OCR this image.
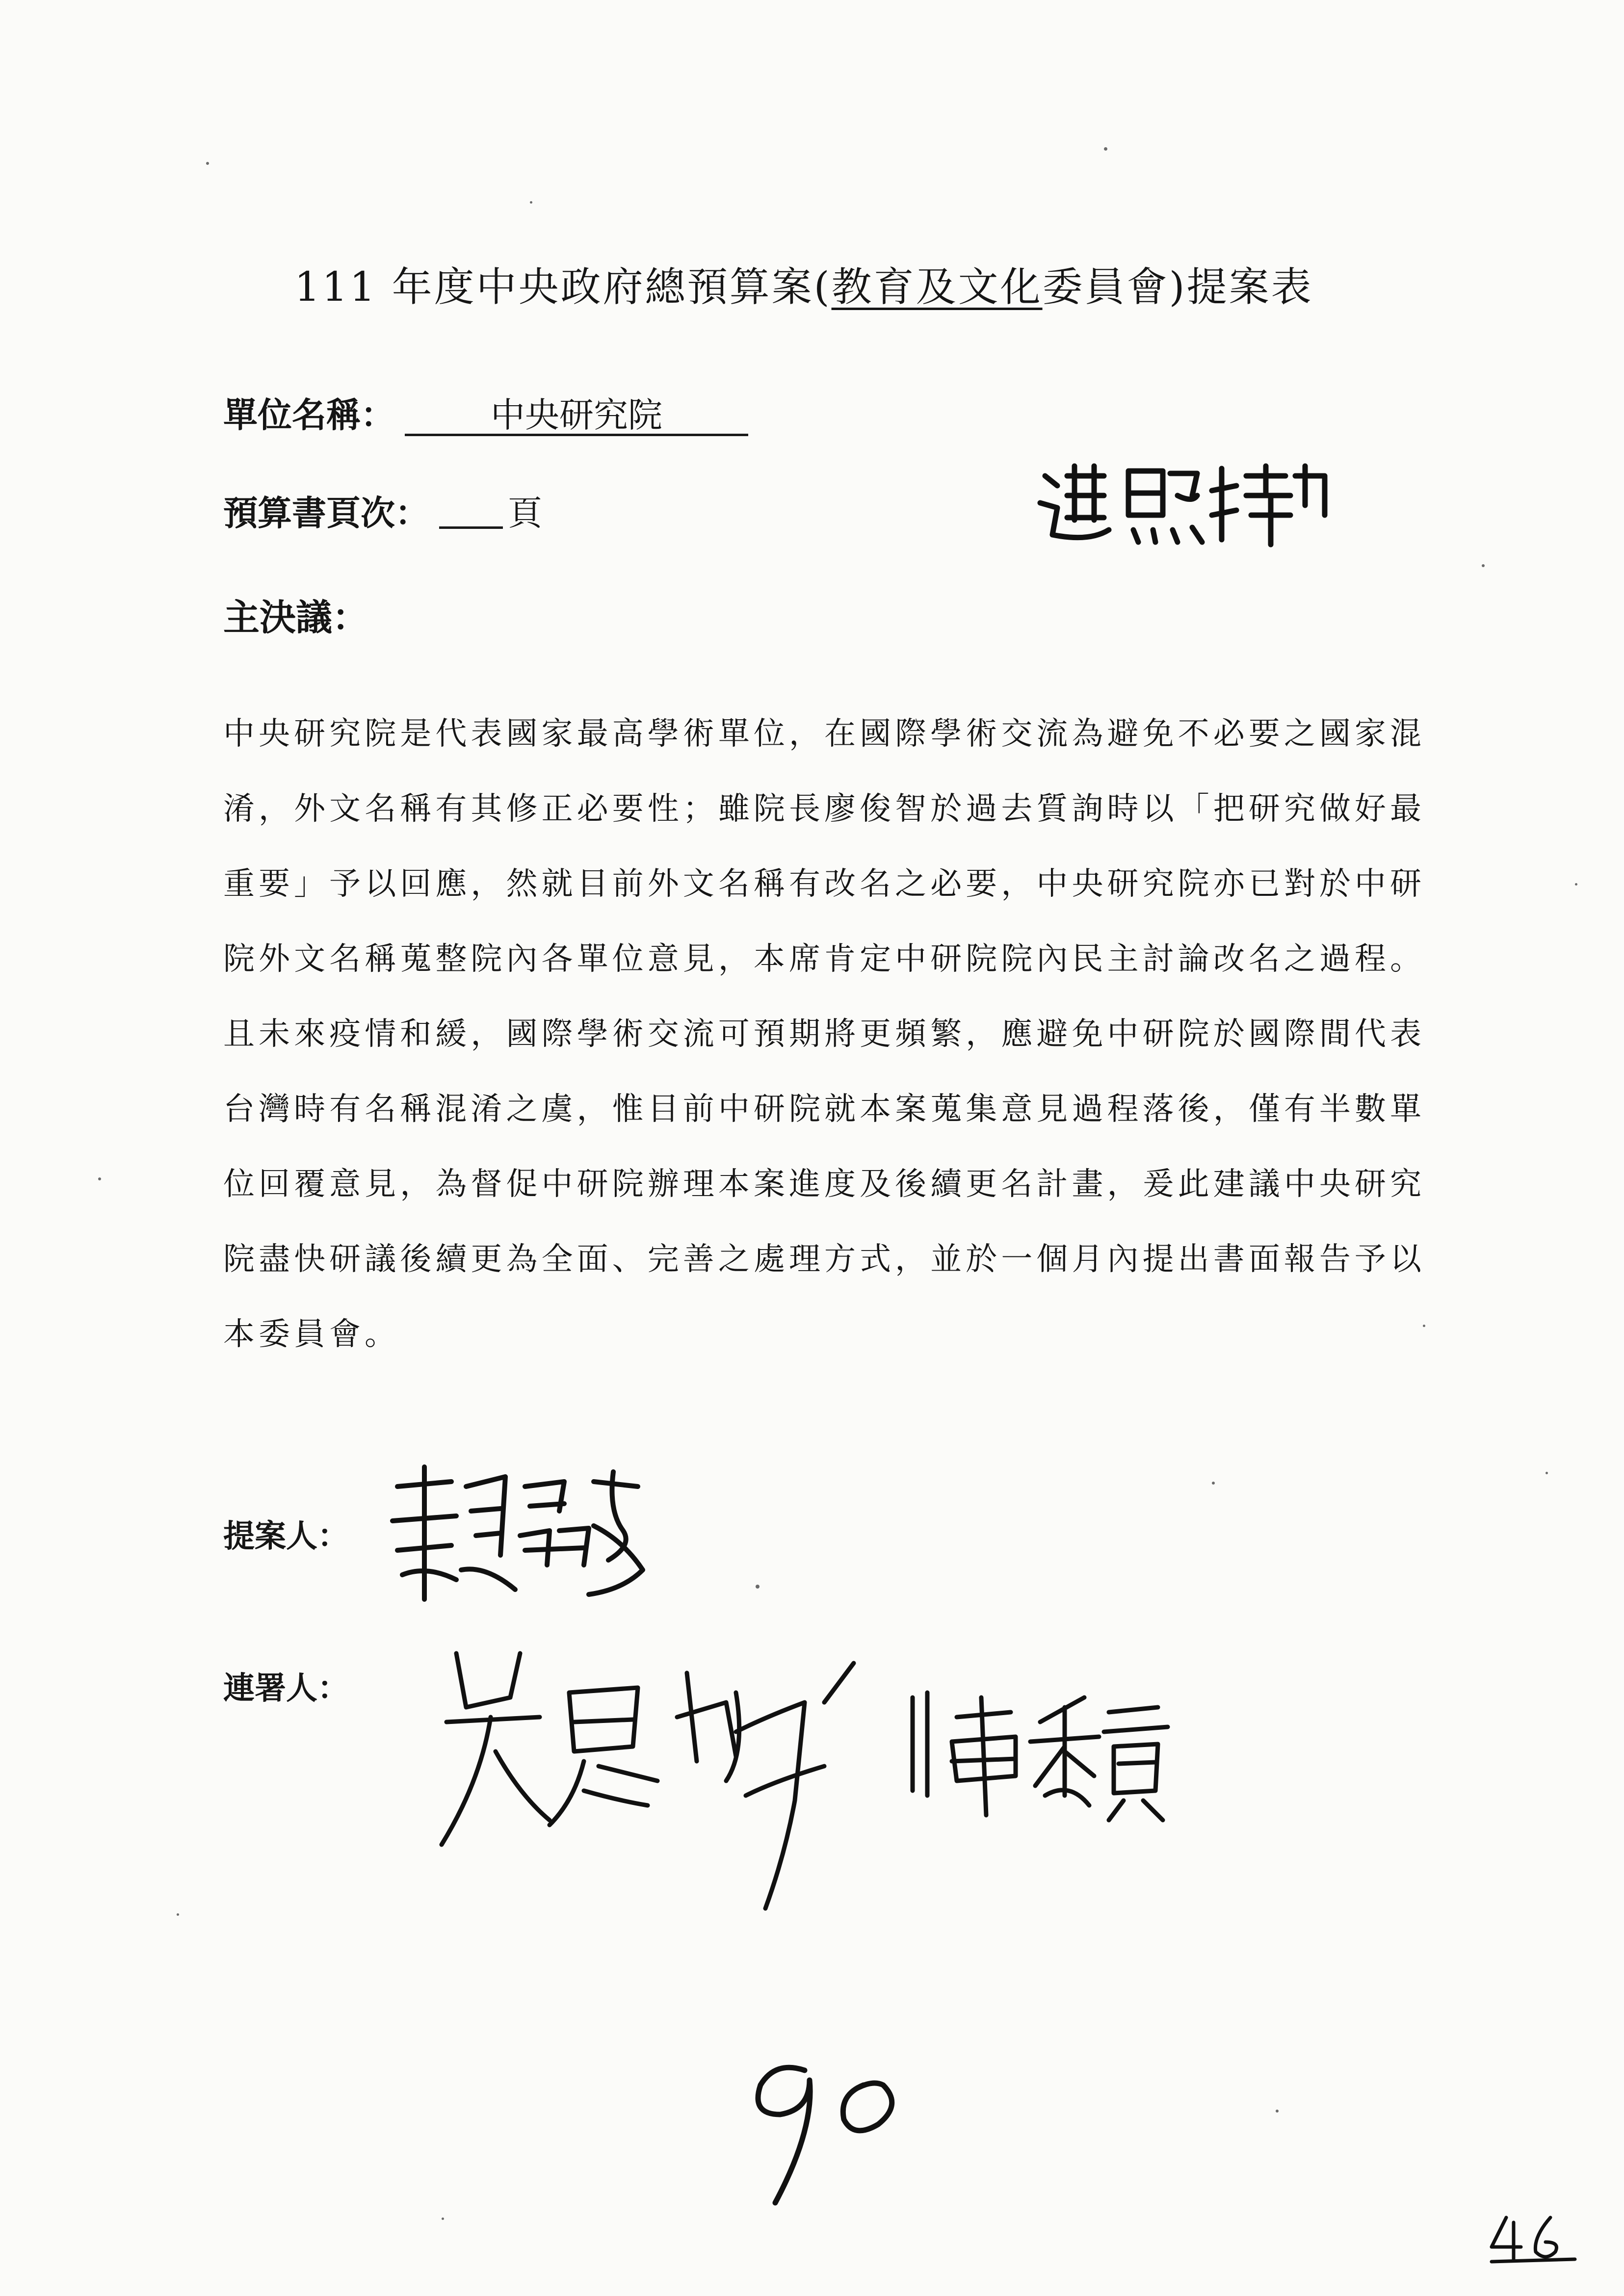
111 年度中央政府總預算案(教育及文化委員會)提案表
單位名稱：	中央研究院
預算書頁次： 頁
主決議：
中央研究院是代表國家最高學術單位，在國際學術交流為避免不必要之國家混淆，外文名稱有其修正必要性；雖院長廖俊智於過去質詢時以「把研究做好最重要」予以回應，然就目前外文名稱有改名之必要，中央研究院亦已對於中研院外文名稱蒐整院內各單位意見，本席肯定中研院院內民主討論改名之過程。且未來疫情和緩，國際學術交流可預期將更頻繁，應避免中研院於國際間代表台灣時有名稱混淆之虞，惟目前中研院就本案蒐集意見過程落後，僅有半數單位回覆意見，為督促中研院辦理本案進度及後續更名計畫，爰此建議中央研究院盡快研議後續更為全面、完善之處理方式，並於一個月內提出書面報告予以本委員會。
提案人：
連署人：
